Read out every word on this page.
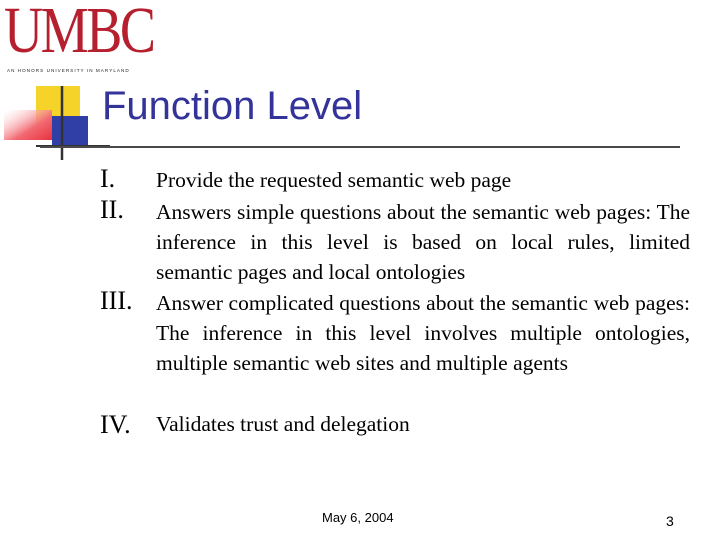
UMBC
AN HONORS UNIVERSITY IN MARYLAND
Function Level
I. Provide the requested semantic web page
II. Answers simple questions about the semantic web pages: The inference in this level is based on local rules, limited semantic pages and local ontologies
III. Answer complicated questions about the semantic web pages: The inference in this level involves multiple ontologies, multiple semantic web sites and multiple agents
IV. Validates trust and delegation
May 6, 2004	3
